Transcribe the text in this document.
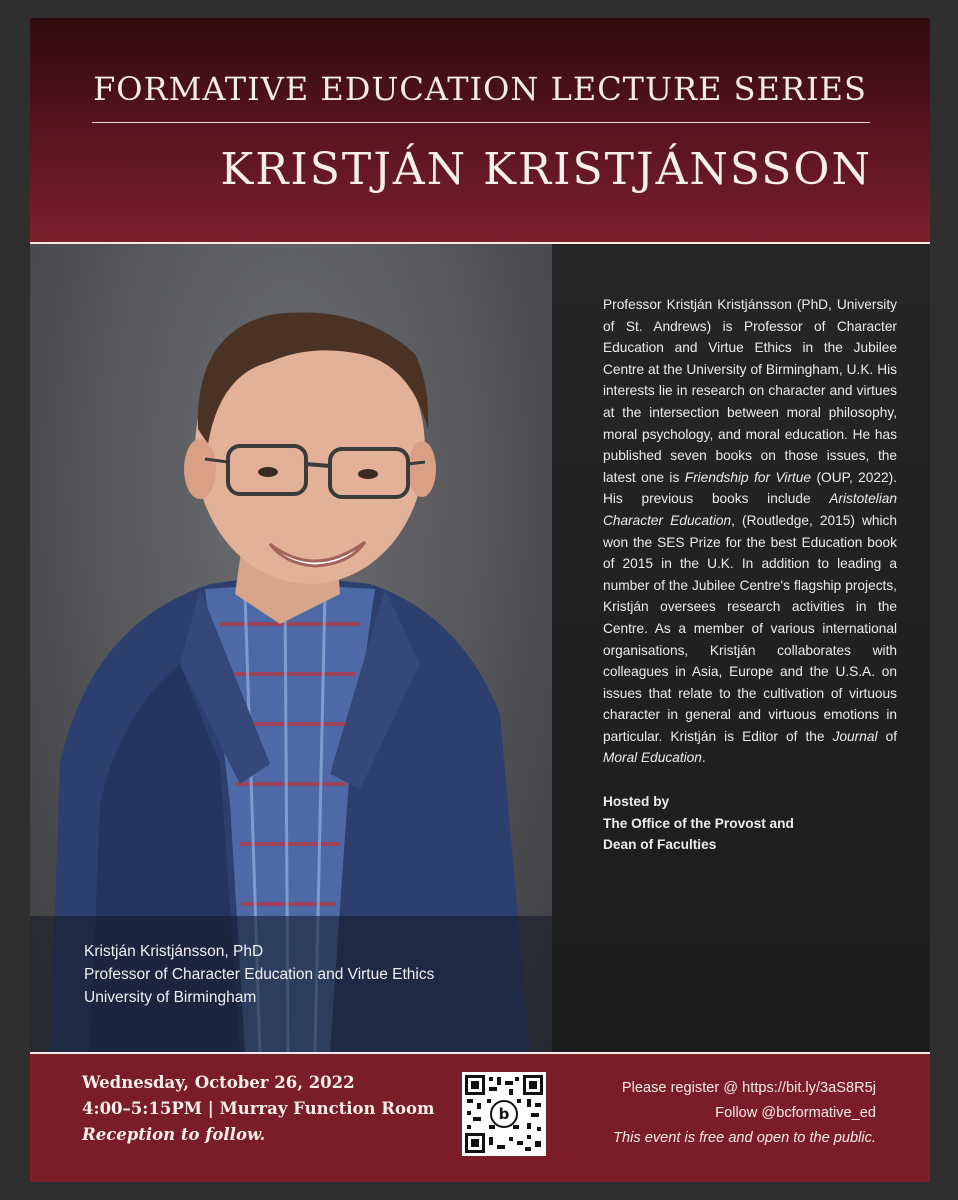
FORMATIVE EDUCATION LECTURE SERIES
KRISTJÁN KRISTJÁNSSON
Kristján Kristjánsson, PhD
Professor of Character Education and Virtue Ethics
University of Birmingham

Professor Kristján Kristjánsson (PhD, University of St. Andrews) is Professor of Character Education and Virtue Ethics in the Jubilee Centre at the University of Birmingham, U.K. His interests lie in research on character and virtues at the intersection between moral philosophy, moral psychology, and moral education. He has published seven books on those issues, the latest one is Friendship for Virtue (OUP, 2022). His previous books include Aristotelian Character Education, (Routledge, 2015) which won the SES Prize for the best Education book of 2015 in the U.K. In addition to leading a number of the Jubilee Centre's flagship projects, Kristján oversees research activities in the Centre. As a member of various international organisations, Kristján collaborates with colleagues in Asia, Europe and the U.S.A. on issues that relate to the cultivation of virtuous character in general and virtuous emotions in particular. Kristján is Editor of the Journal of Moral Education.

Hosted by
The Office of the Provost and
Dean of Faculties
Wednesday, October 26, 2022
4:00–5:15PM | Murray Function Room
Reception to follow.
b
Please register @ https://bit.ly/3aS8R5j
Follow @bcformative_ed
This event is free and open to the public.
